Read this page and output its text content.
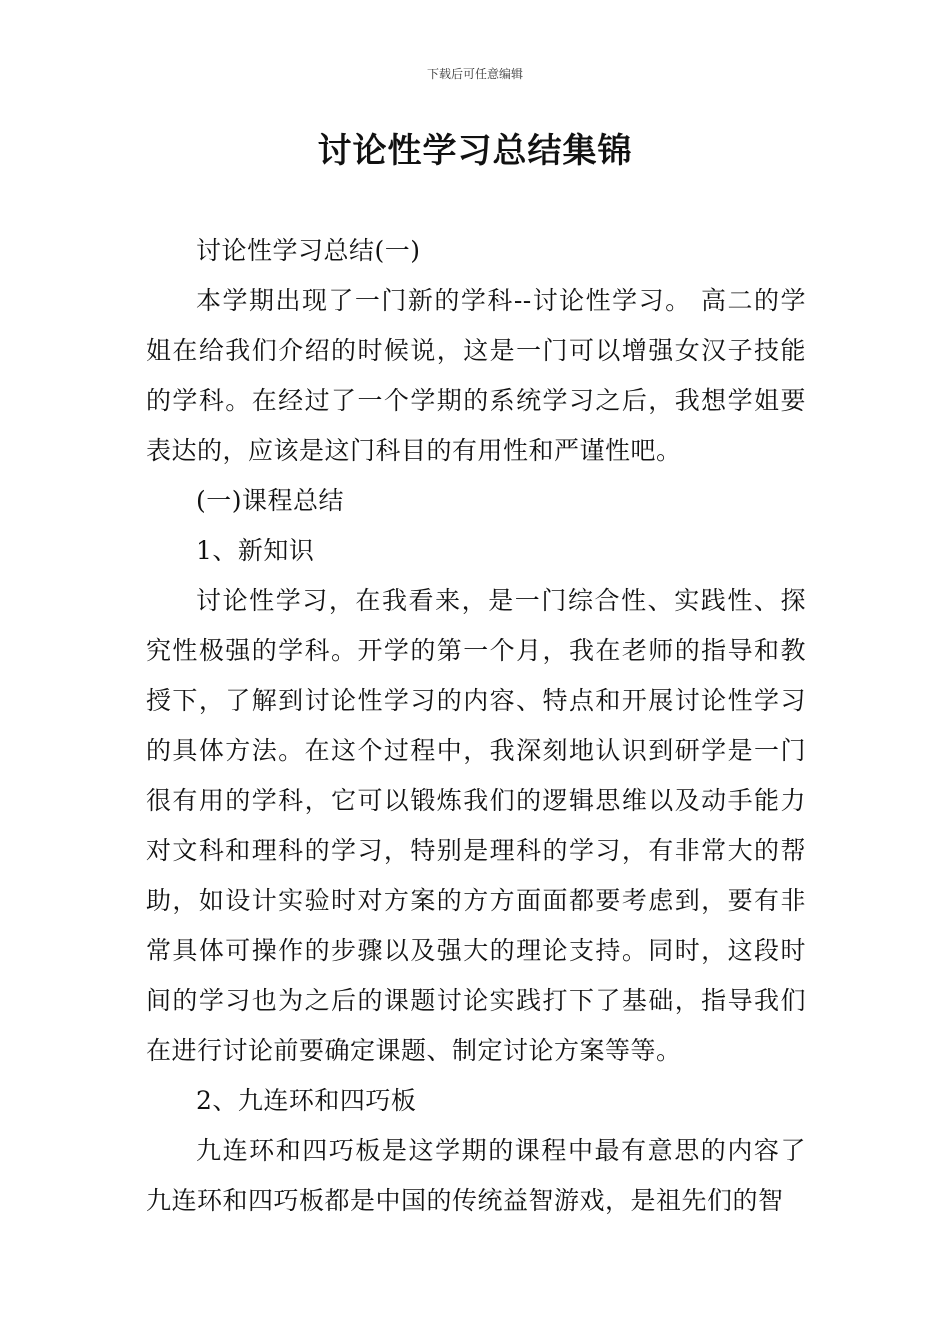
下载后可任意编辑
讨论性学习总结集锦

讨论性学习总结(一)

本学期出现了一门新的学科--讨论性学习。 高二的学姐在给我们介绍的时候说，这是一门可以增强女汉子技能的学科。在经过了一个学期的系统学习之后，我想学姐要表达的，应该是这门科目的有用性和严谨性吧。

(一)课程总结

1、新知识

讨论性学习，在我看来，是一门综合性、实践性、探究性极强的学科。开学的第一个月，我在老师的指导和教授下，了解到讨论性学习的内容、特点和开展讨论性学习的具体方法。在这个过程中，我深刻地认识到研学是一门很有用的学科，它可以锻炼我们的逻辑思维以及动手能力对文科和理科的学习，特别是理科的学习，有非常大的帮助，如设计实验时对方案的方方面面都要考虑到，要有非常具体可操作的步骤以及强大的理论支持。同时，这段时间的学习也为之后的课题讨论实践打下了基础，指导我们在进行讨论前要确定课题、制定讨论方案等等。

2、九连环和四巧板

九连环和四巧板是这学期的课程中最有意思的内容了九连环和四巧板都是中国的传统益智游戏，是祖先们的智
